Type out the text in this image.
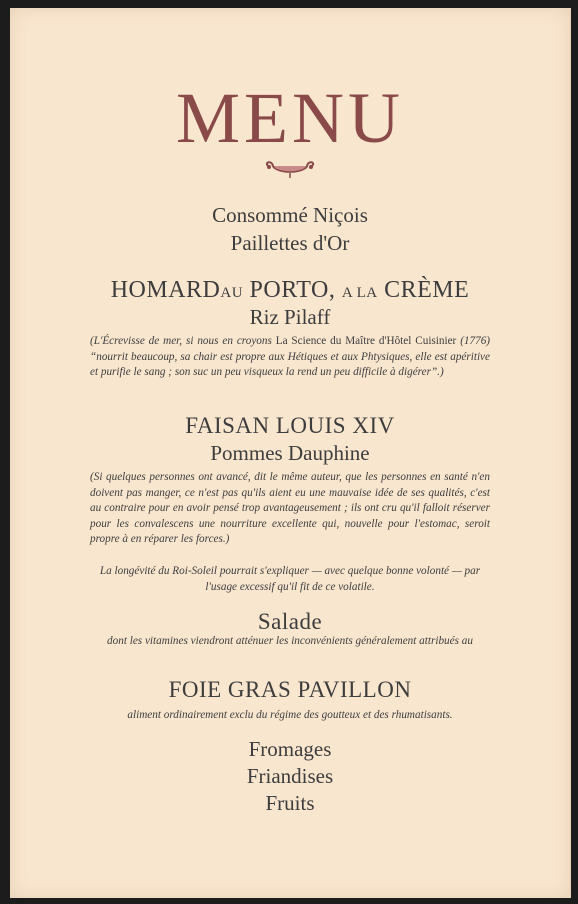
MENU
Consommé Niçois
Paillettes d'Or
HOMARDAU PORTO, A LA CRÈME
Riz Pilaff
(L'Écrevisse de mer, si nous en croyons La Science du Maître d'Hôtel Cuisinier (1776) “nourrit beaucoup, sa chair est propre aux Hétiques et aux Phtysiques, elle est apéritive et purifie le sang ; son suc un peu visqueux la rend un peu difficile à digérer”.)
FAISAN LOUIS XIV
Pommes Dauphine
(Si quelques personnes ont avancé, dit le même auteur, que les personnes en santé n'en doivent pas manger, ce n'est pas qu'ils aient eu une mauvaise idée de ses qualités, c'est au contraire pour en avoir pensé trop avantageusement ; ils ont cru qu'il falloit réserver pour les convalescens une nourriture excellente qui, nouvelle pour l'estomac, seroit propre à en réparer les forces.)
La longévité du Roi-Soleil pourrait s'expliquer — avec quelque bonne volonté — par l'usage excessif qu'il fit de ce volatile.
Salade
dont les vitamines viendront atténuer les inconvénients généralement attribués au
FOIE GRAS PAVILLON
aliment ordinairement exclu du régime des goutteux et des rhumatisants.
Fromages
Friandises
Fruits
